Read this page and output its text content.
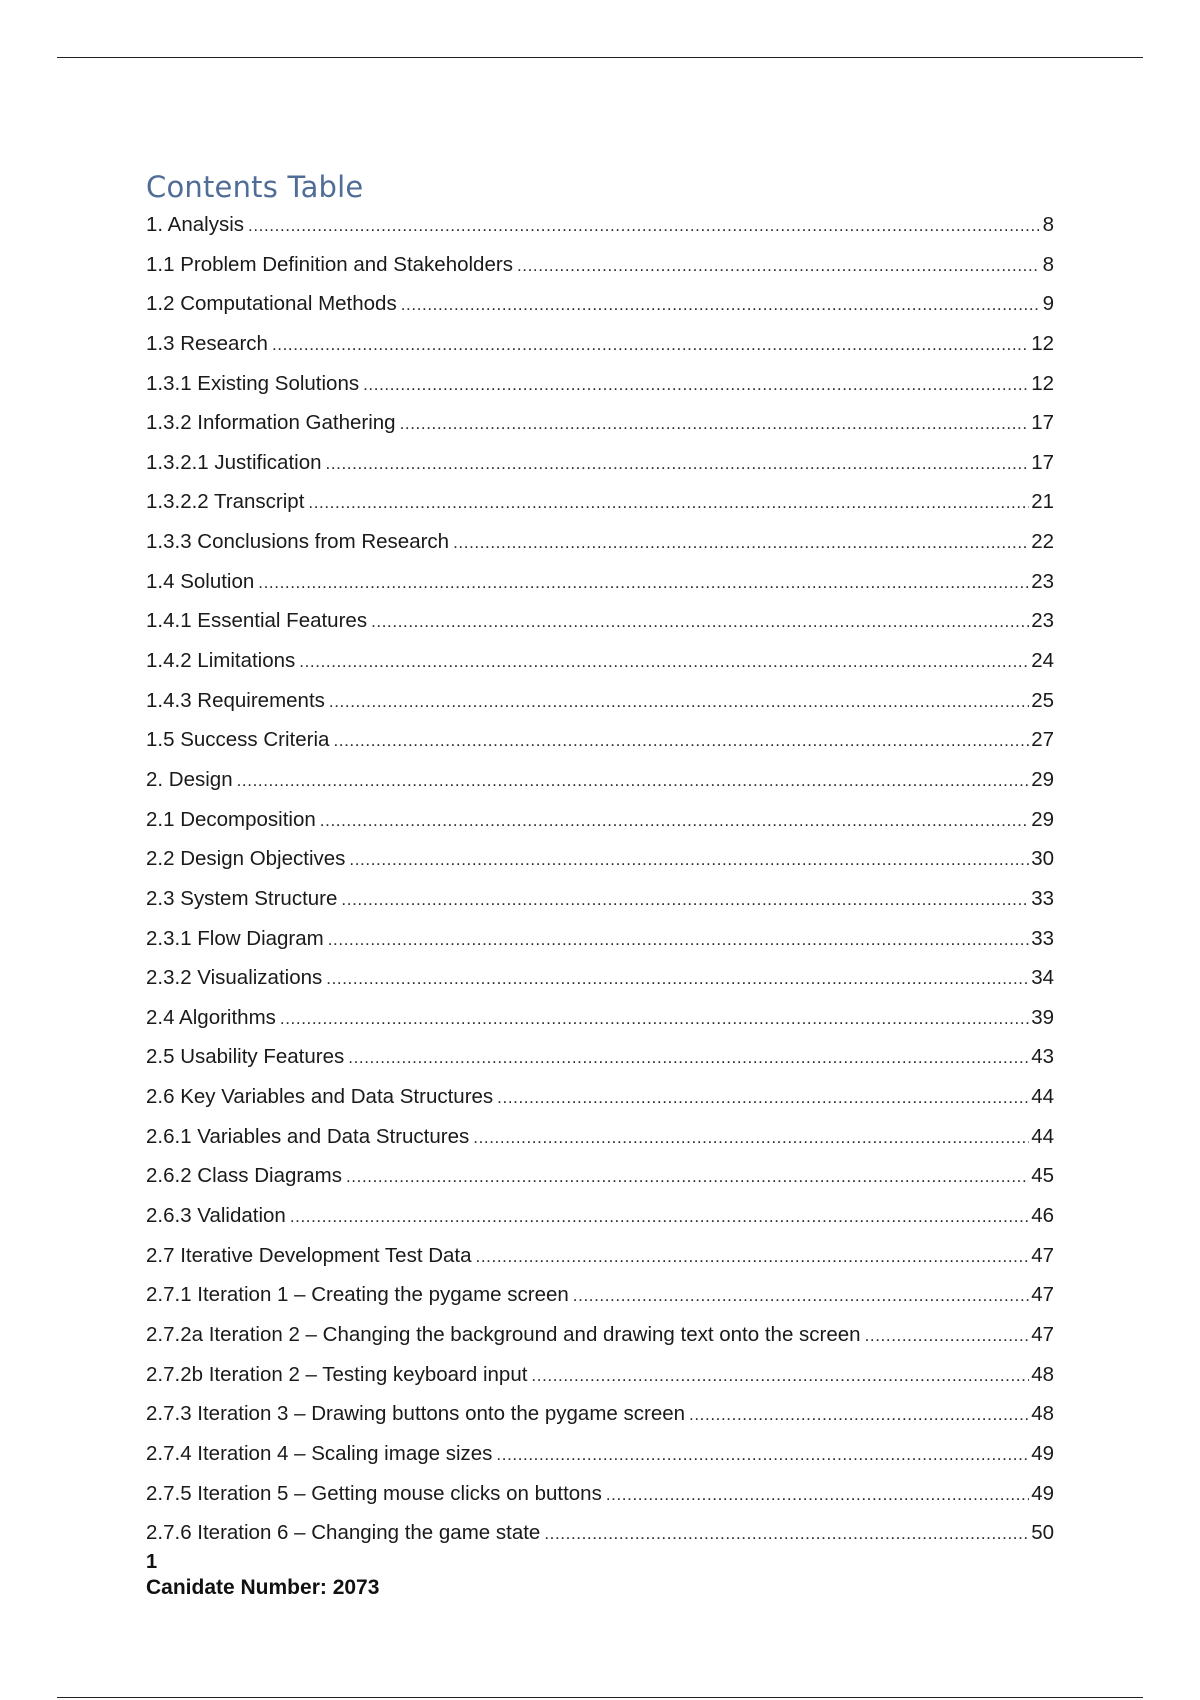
Contents Table
1. Analysis .....	8
1.1 Problem Definition and Stakeholders .....	8
1.2 Computational Methods .....	9
1.3 Research .....	12
1.3.1 Existing Solutions .....	12
1.3.2 Information Gathering .....	17
1.3.2.1 Justification .....	17
1.3.2.2 Transcript .....	21
1.3.3 Conclusions from Research .....	22
1.4 Solution .....	23
1.4.1 Essential Features .....	23
1.4.2 Limitations .....	24
1.4.3 Requirements .....	25
1.5 Success Criteria .....	27
2. Design .....	29
2.1 Decomposition .....	29
2.2 Design Objectives .....	30
2.3 System Structure .....	33
2.3.1 Flow Diagram .....	33
2.3.2 Visualizations .....	34
2.4 Algorithms .....	39
2.5 Usability Features .....	43
2.6 Key Variables and Data Structures .....	44
2.6.1 Variables and Data Structures .....	44
2.6.2 Class Diagrams .....	45
2.6.3 Validation .....	46
2.7 Iterative Development Test Data .....	47
2.7.1 Iteration 1 – Creating the pygame screen .....	47
2.7.2a Iteration 2 – Changing the background and drawing text onto the screen .....	47
2.7.2b Iteration 2 – Testing keyboard input .....	48
2.7.3 Iteration 3 – Drawing buttons onto the pygame screen .....	48
2.7.4 Iteration 4 – Scaling image sizes .....	49
2.7.5 Iteration 5 – Getting mouse clicks on buttons .....	49
2.7.6 Iteration 6 – Changing the game state .....	50
1
Canidate Number: 2073
